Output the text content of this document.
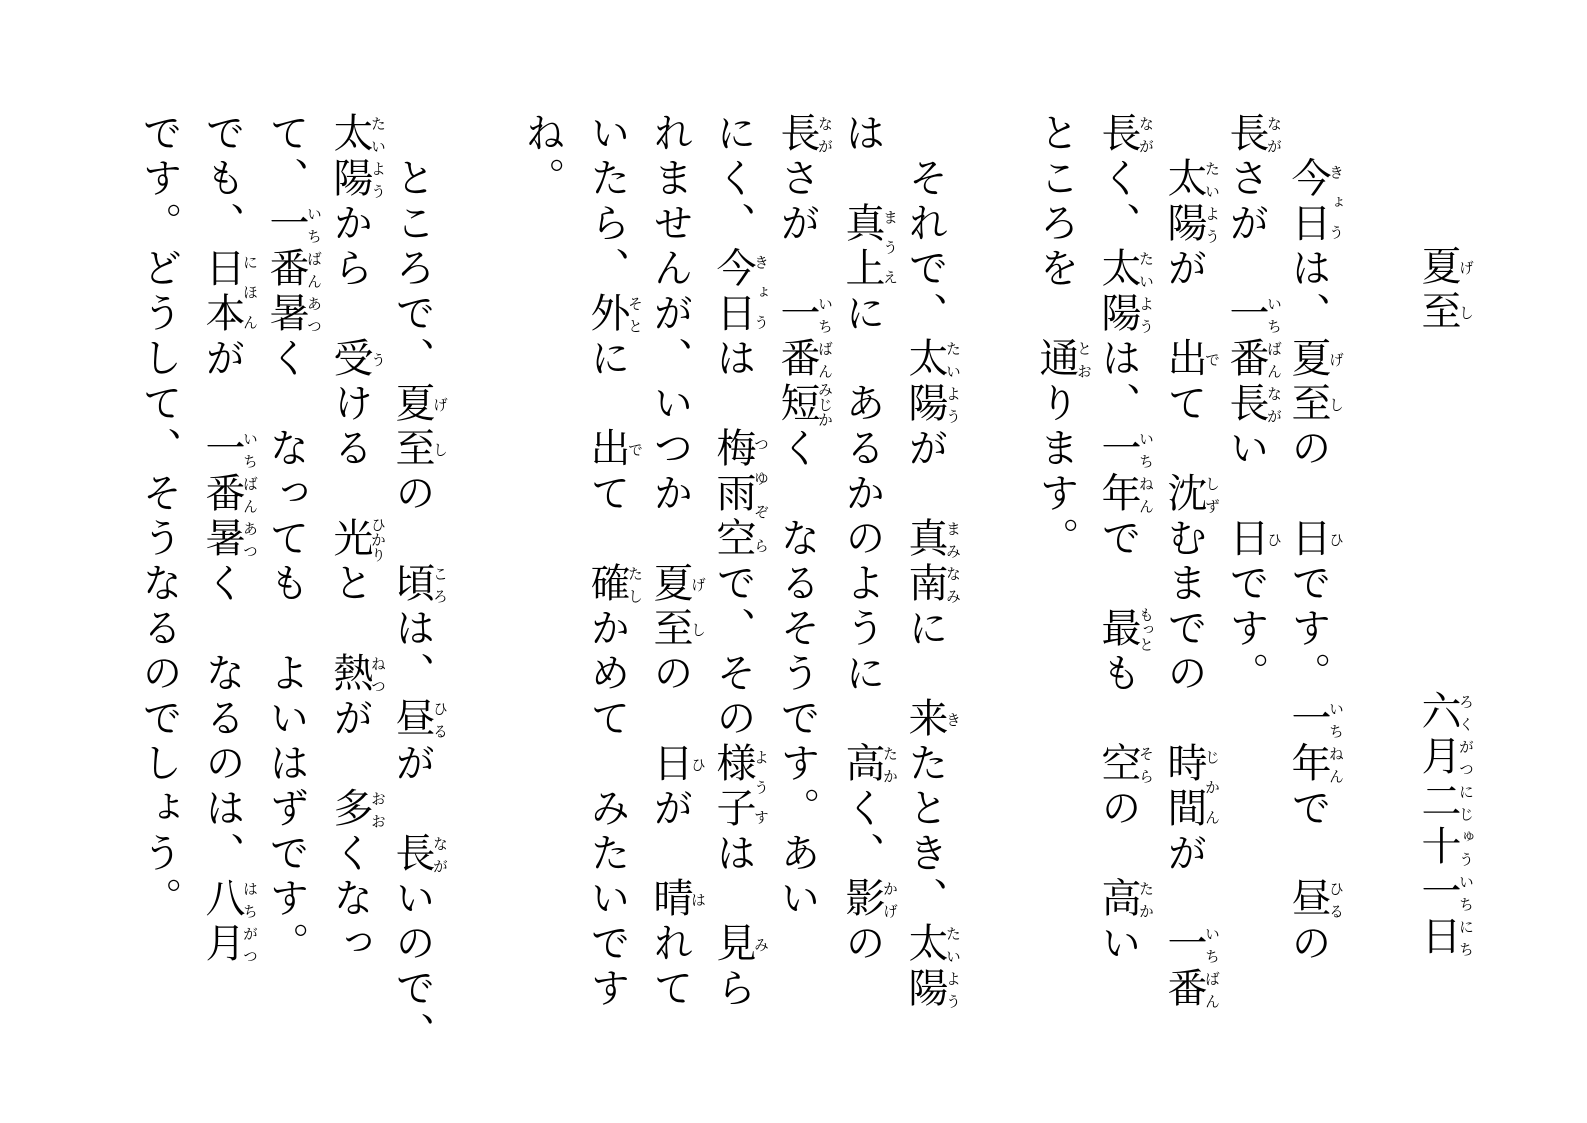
夏げ至し
六月ろくがつ二十一日にじゅういちにち
　今日きょうは、夏至げしの　日ひです。一年いちねんで　昼ひるの
長ながさが　一番いちばん長ながい　日ひです。
　太陽たいようが　出でて　沈しずむまでの　時間じかんが　一番いちばん
長ながく、太陽たいようは、一年いちねんで　最もっとも　空そらの　高たかい
ところを　通とおります。
　それで、太陽たいようが　真南まみなみに　来きたとき、太陽たいよう
は　真上まうえに　あるかのように　高たかく、影かげの
長ながさが　一番いちばん短みじかく　なるそうです。あい
にく、今日きょうは　梅雨空つゆぞらで、その様子ようすは　見みら
れませんが、いつか　夏至げしの　日ひが　晴はれて
いたら、外そとに　出でて　確たしかめて　みたいです
ね。
　ところで、夏至げしの　頃ころは、昼ひるが　長ながいので、
太陽たいようから　受うける　光ひかりと　熱ねつが　多おおくなっ
て、一番いちばん暑あつく　なっても　よいはずです。
でも、日本にほんが　一番いちばん暑あつく　なるのは、八月はちがつ
です。どうして、そうなるのでしょう。
